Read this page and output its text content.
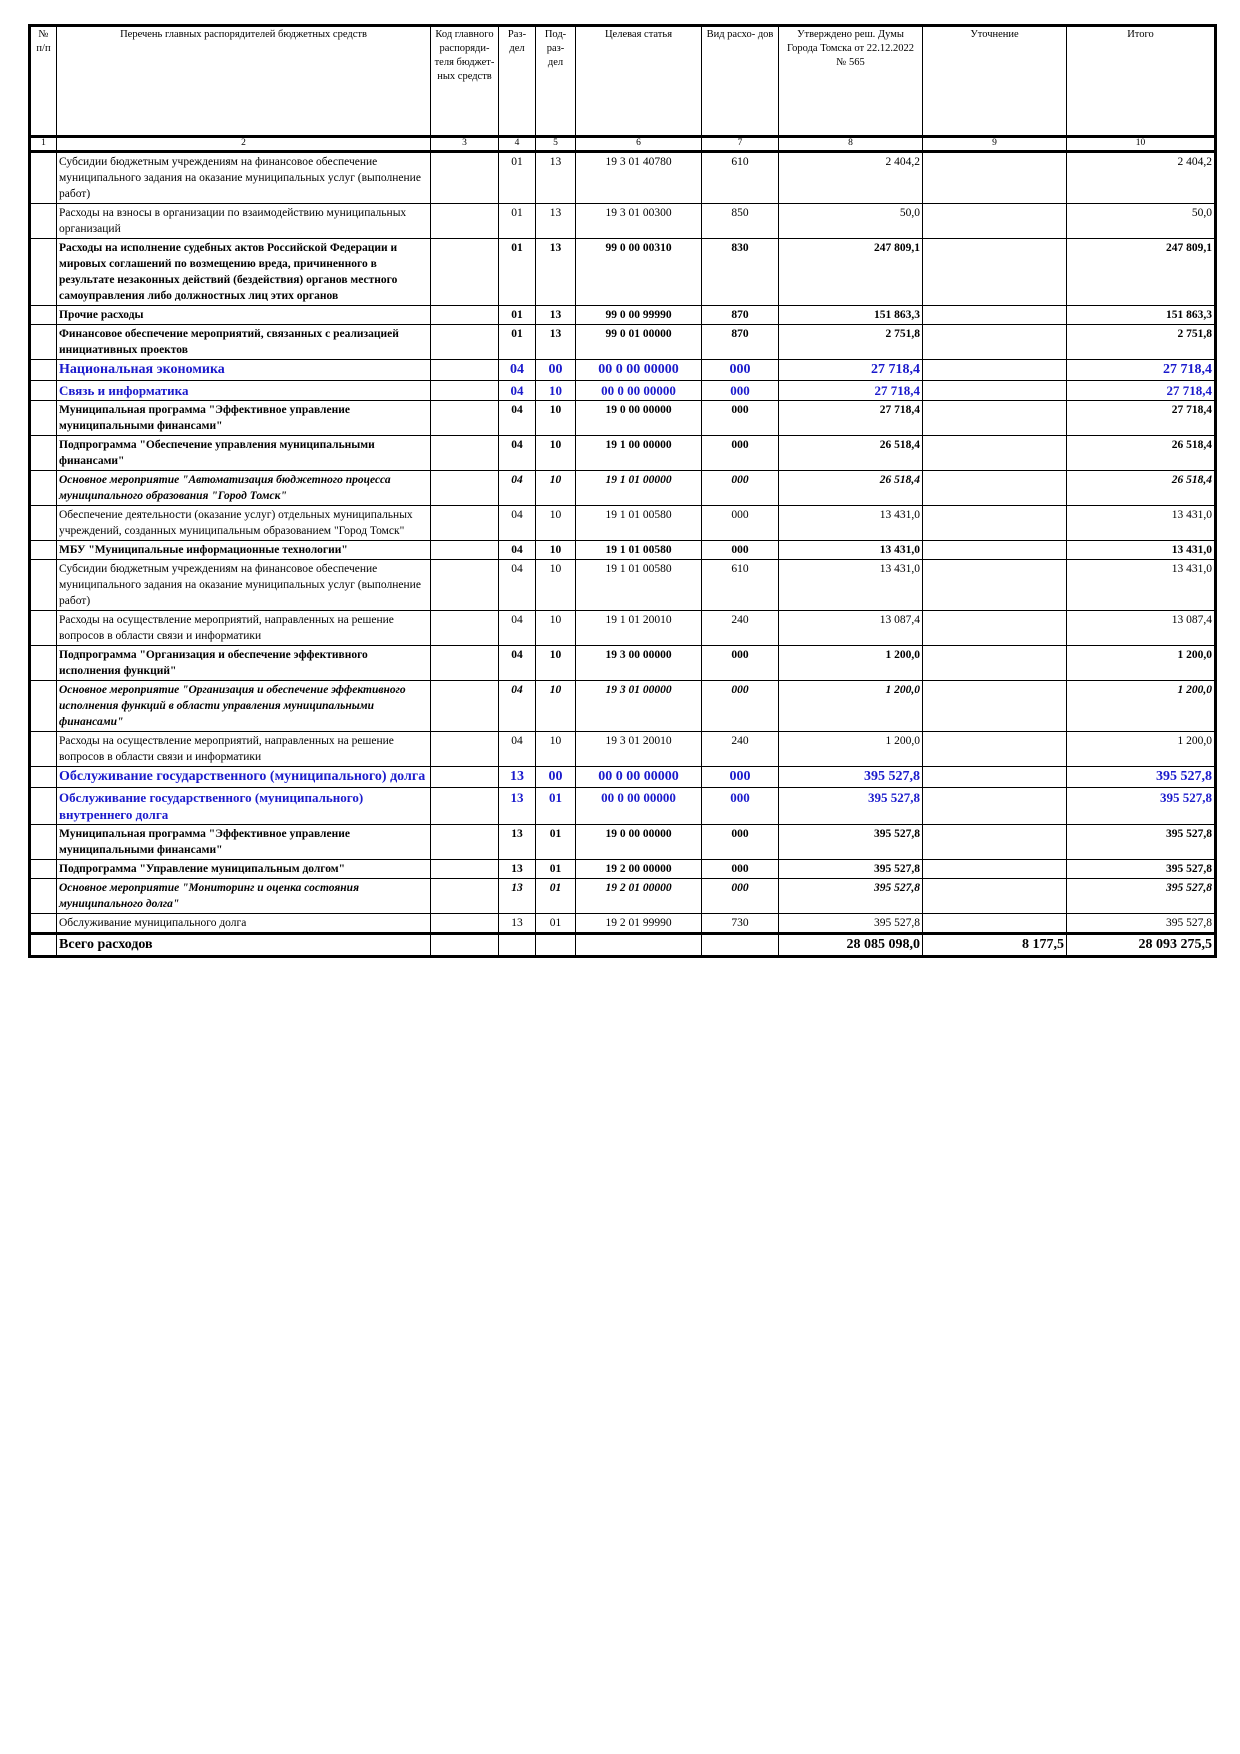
№ п/п	Перечень главных распорядителей бюджетных средств	Код главного распоряди- теля бюджет- ных средств	Раз- дел	Под- раз- дел	Целевая статья	Вид расхо- дов	Утверждено реш. Думы Города Томска от 22.12.2022 № 565	Уточнение	Итого
1	2	3	4	5	6	7	8	9	10
	Субсидии бюджетным учреждениям на финансовое обеспечение муниципального задания на оказание муниципальных услуг (выполнение работ)		01	13	19 3 01 40780	610	2 404,2		2 404,2
	Расходы на взносы в организации по взаимодействию муниципальных организаций		01	13	19 3 01 00300	850	50,0		50,0
	Расходы на исполнение судебных актов Российской Федерации и мировых соглашений по возмещению вреда, причиненного в результате незаконных действий (бездействия) органов местного самоуправления либо должностных лиц этих органов		01	13	99 0 00 00310	830	247 809,1		247 809,1
	Прочие расходы		01	13	99 0 00 99990	870	151 863,3		151 863,3
	Финансовое обеспечение мероприятий, связанных с реализацией инициативных проектов		01	13	99 0 01 00000	870	2 751,8		2 751,8
	Национальная экономика		04	00	00 0 00 00000	000	27 718,4		27 718,4
	Связь и информатика		04	10	00 0 00 00000	000	27 718,4		27 718,4
	Муниципальная программа "Эффективное управление муниципальными финансами"		04	10	19 0 00 00000	000	27 718,4		27 718,4
	Подпрограмма "Обеспечение управления муниципальными финансами"		04	10	19 1 00 00000	000	26 518,4		26 518,4
	Основное мероприятие "Автоматизация бюджетного процесса муниципального образования "Город Томск"		04	10	19 1 01 00000	000	26 518,4		26 518,4
	Обеспечение деятельности (оказание услуг) отдельных муниципальных учреждений, созданных муниципальным образованием "Город Томск"		04	10	19 1 01 00580	000	13 431,0		13 431,0
	МБУ "Муниципальные информационные технологии"		04	10	19 1 01 00580	000	13 431,0		13 431,0
	Субсидии бюджетным учреждениям на финансовое обеспечение муниципального задания на оказание муниципальных услуг (выполнение работ)		04	10	19 1 01 00580	610	13 431,0		13 431,0
	Расходы на осуществление мероприятий, направленных на решение вопросов в области связи и информатики		04	10	19 1 01 20010	240	13 087,4		13 087,4
	Подпрограмма "Организация и обеспечение эффективного исполнения функций"		04	10	19 3 00 00000	000	1 200,0		1 200,0
	Основное мероприятие "Организация и обеспечение эффективного исполнения функций в области управления муниципальными финансами"		04	10	19 3 01 00000	000	1 200,0		1 200,0
	Расходы на осуществление мероприятий, направленных на решение вопросов в области связи и информатики		04	10	19 3 01 20010	240	1 200,0		1 200,0
	Обслуживание государственного (муниципального) долга		13	00	00 0 00 00000	000	395 527,8		395 527,8
	Обслуживание государственного (муниципального) внутреннего долга		13	01	00 0 00 00000	000	395 527,8		395 527,8
	Муниципальная программа "Эффективное управление муниципальными финансами"		13	01	19 0 00 00000	000	395 527,8		395 527,8
	Подпрограмма "Управление муниципальным долгом"		13	01	19 2 00 00000	000	395 527,8		395 527,8
	Основное мероприятие "Мониторинг и оценка состояния муниципального долга"		13	01	19 2 01 00000	000	395 527,8		395 527,8
	Обслуживание муниципального долга		13	01	19 2 01 99990	730	395 527,8		395 527,8
	Всего расходов						28 085 098,0	8 177,5	28 093 275,5
